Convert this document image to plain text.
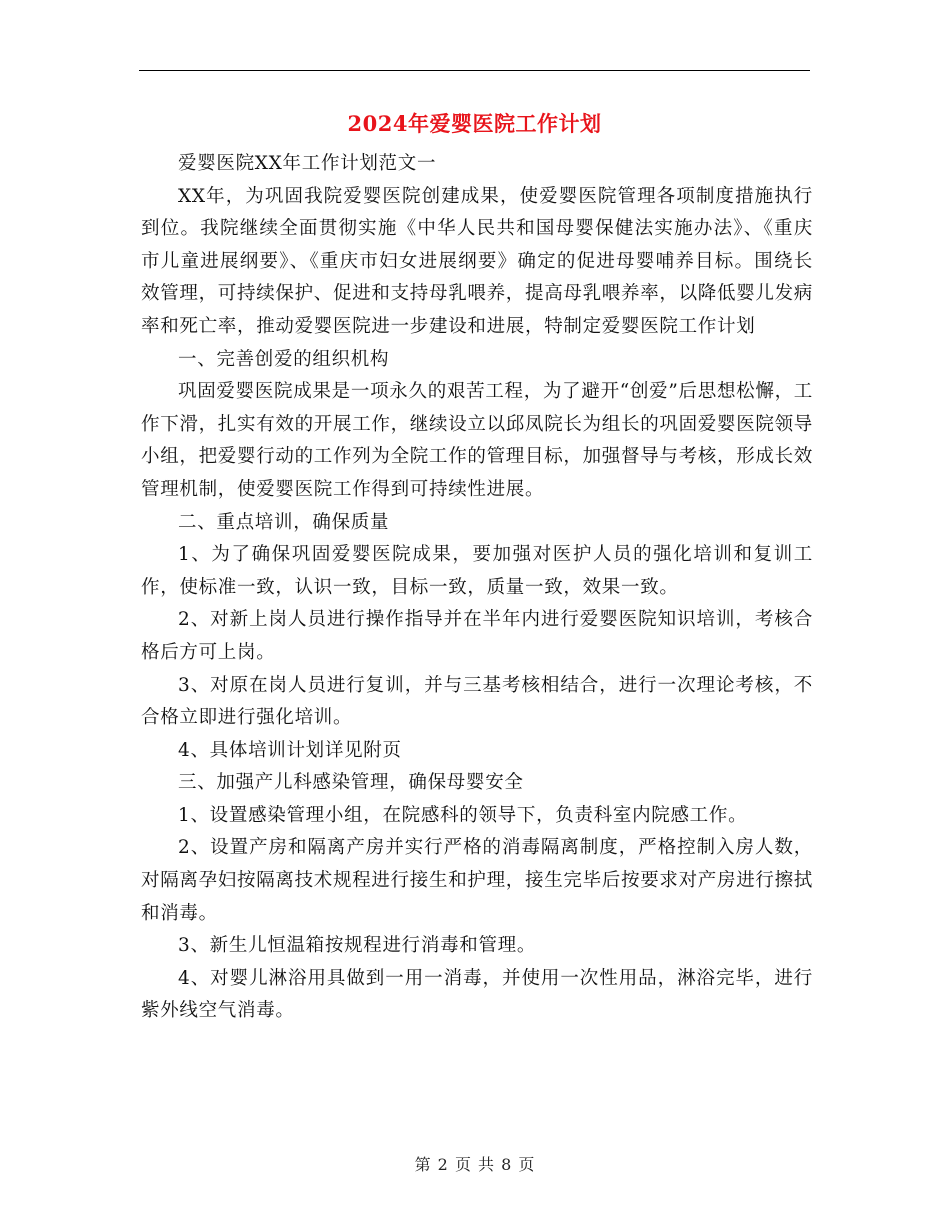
2024年爱婴医院工作计划

爱婴医院XX年工作计划范文一

XX年，为巩固我院爱婴医院创建成果，使爱婴医院管理各项制度措施执行到位。我院继续全面贯彻实施《中华人民共和国母婴保健法实施办法》、《重庆市儿童进展纲要》、《重庆市妇女进展纲要》确定的促进母婴哺养目标。围绕长效管理，可持续保护、促进和支持母乳喂养，提高母乳喂养率，以降低婴儿发病率和死亡率，推动爱婴医院进一步建设和进展，特制定爱婴医院工作计划

一、完善创爱的组织机构

巩固爱婴医院成果是一项永久的艰苦工程，为了避开“创爱”后思想松懈，工作下滑，扎实有效的开展工作，继续设立以邱凤院长为组长的巩固爱婴医院领导小组，把爱婴行动的工作列为全院工作的管理目标，加强督导与考核，形成长效管理机制，使爱婴医院工作得到可持续性进展。

二、重点培训，确保质量

1、为了确保巩固爱婴医院成果，要加强对医护人员的强化培训和复训工作，使标准一致，认识一致，目标一致，质量一致，效果一致。

2、对新上岗人员进行操作指导并在半年内进行爱婴医院知识培训，考核合格后方可上岗。

3、对原在岗人员进行复训，并与三基考核相结合，进行一次理论考核，不合格立即进行强化培训。

4、具体培训计划详见附页

三、加强产儿科感染管理，确保母婴安全

1、设置感染管理小组，在院感科的领导下，负责科室内院感工作。

2、设置产房和隔离产房并实行严格的消毒隔离制度，严格控制入房人数，对隔离孕妇按隔离技术规程进行接生和护理，接生完毕后按要求对产房进行擦拭和消毒。

3、新生儿恒温箱按规程进行消毒和管理。

4、对婴儿淋浴用具做到一用一消毒，并使用一次性用品，淋浴完毕，进行紫外线空气消毒。

第 2 页 共 8 页
